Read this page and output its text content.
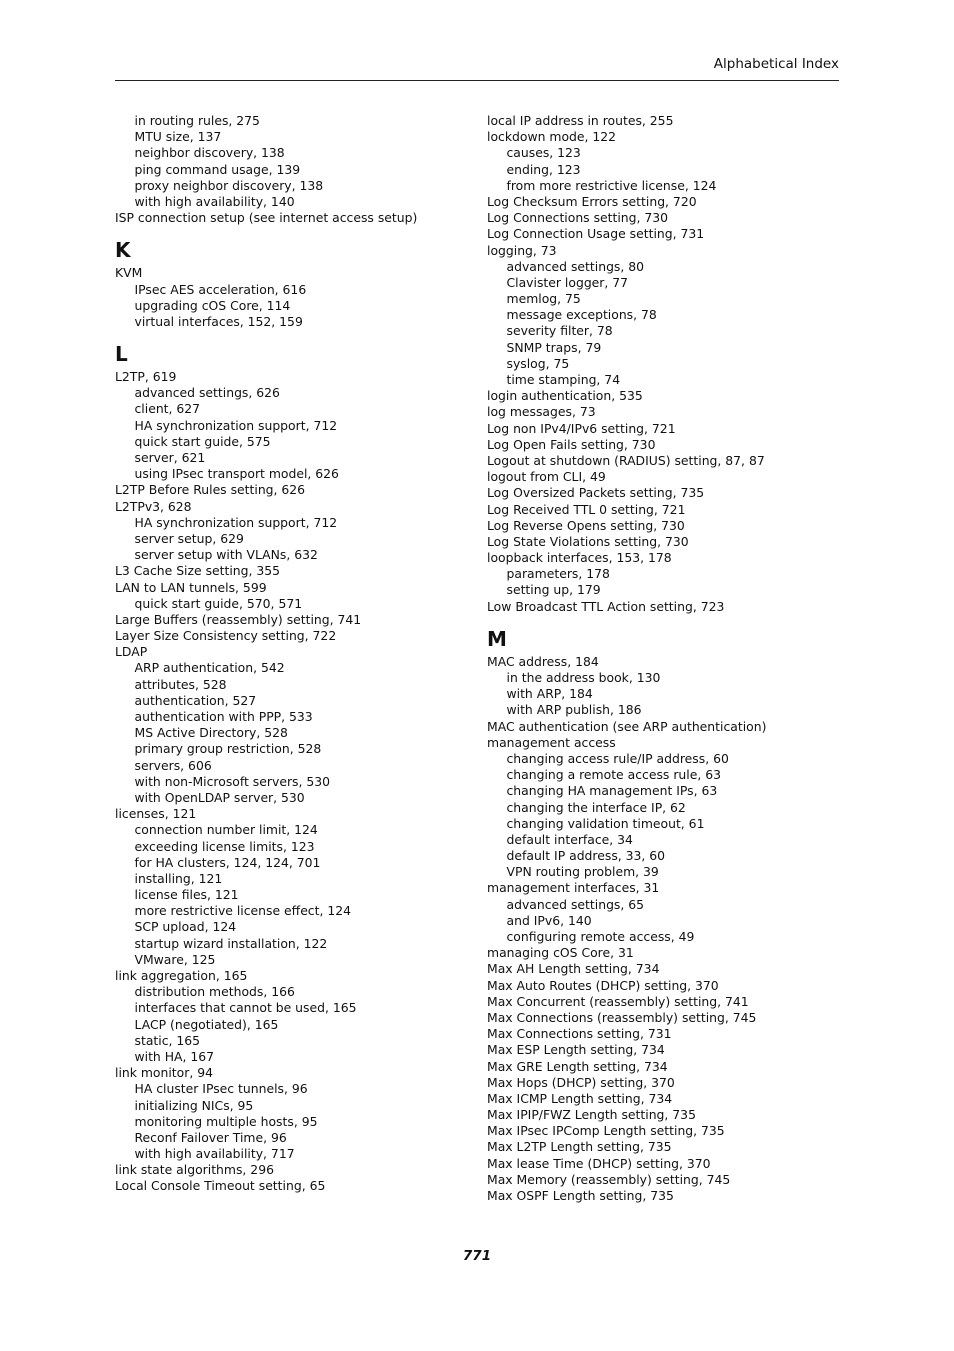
Alphabetical Index
in routing rules, 275
MTU size, 137
neighbor discovery, 138
ping command usage, 139
proxy neighbor discovery, 138
with high availability, 140
ISP connection setup (see internet access setup)
K
KVM
IPsec AES acceleration, 616
upgrading cOS Core, 114
virtual interfaces, 152, 159
L
L2TP, 619
advanced settings, 626
client, 627
HA synchronization support, 712
quick start guide, 575
server, 621
using IPsec transport model, 626
L2TP Before Rules setting, 626
L2TPv3, 628
HA synchronization support, 712
server setup, 629
server setup with VLANs, 632
L3 Cache Size setting, 355
LAN to LAN tunnels, 599
quick start guide, 570, 571
Large Buffers (reassembly) setting, 741
Layer Size Consistency setting, 722
LDAP
ARP authentication, 542
attributes, 528
authentication, 527
authentication with PPP, 533
MS Active Directory, 528
primary group restriction, 528
servers, 606
with non-Microsoft servers, 530
with OpenLDAP server, 530
licenses, 121
connection number limit, 124
exceeding license limits, 123
for HA clusters, 124, 124, 701
installing, 121
license files, 121
more restrictive license effect, 124
SCP upload, 124
startup wizard installation, 122
VMware, 125
link aggregation, 165
distribution methods, 166
interfaces that cannot be used, 165
LACP (negotiated), 165
static, 165
with HA, 167
link monitor, 94
HA cluster IPsec tunnels, 96
initializing NICs, 95
monitoring multiple hosts, 95
Reconf Failover Time, 96
with high availability, 717
link state algorithms, 296
Local Console Timeout setting, 65
local IP address in routes, 255
lockdown mode, 122
causes, 123
ending, 123
from more restrictive license, 124
Log Checksum Errors setting, 720
Log Connections setting, 730
Log Connection Usage setting, 731
logging, 73
advanced settings, 80
Clavister logger, 77
memlog, 75
message exceptions, 78
severity filter, 78
SNMP traps, 79
syslog, 75
time stamping, 74
login authentication, 535
log messages, 73
Log non IPv4/IPv6 setting, 721
Log Open Fails setting, 730
Logout at shutdown (RADIUS) setting, 87, 87
logout from CLI, 49
Log Oversized Packets setting, 735
Log Received TTL 0 setting, 721
Log Reverse Opens setting, 730
Log State Violations setting, 730
loopback interfaces, 153, 178
parameters, 178
setting up, 179
Low Broadcast TTL Action setting, 723
M
MAC address, 184
in the address book, 130
with ARP, 184
with ARP publish, 186
MAC authentication (see ARP authentication)
management access
changing access rule/IP address, 60
changing a remote access rule, 63
changing HA management IPs, 63
changing the interface IP, 62
changing validation timeout, 61
default interface, 34
default IP address, 33, 60
VPN routing problem, 39
management interfaces, 31
advanced settings, 65
and IPv6, 140
configuring remote access, 49
managing cOS Core, 31
Max AH Length setting, 734
Max Auto Routes (DHCP) setting, 370
Max Concurrent (reassembly) setting, 741
Max Connections (reassembly) setting, 745
Max Connections setting, 731
Max ESP Length setting, 734
Max GRE Length setting, 734
Max Hops (DHCP) setting, 370
Max ICMP Length setting, 734
Max IPIP/FWZ Length setting, 735
Max IPsec IPComp Length setting, 735
Max L2TP Length setting, 735
Max lease Time (DHCP) setting, 370
Max Memory (reassembly) setting, 745
Max OSPF Length setting, 735
771
